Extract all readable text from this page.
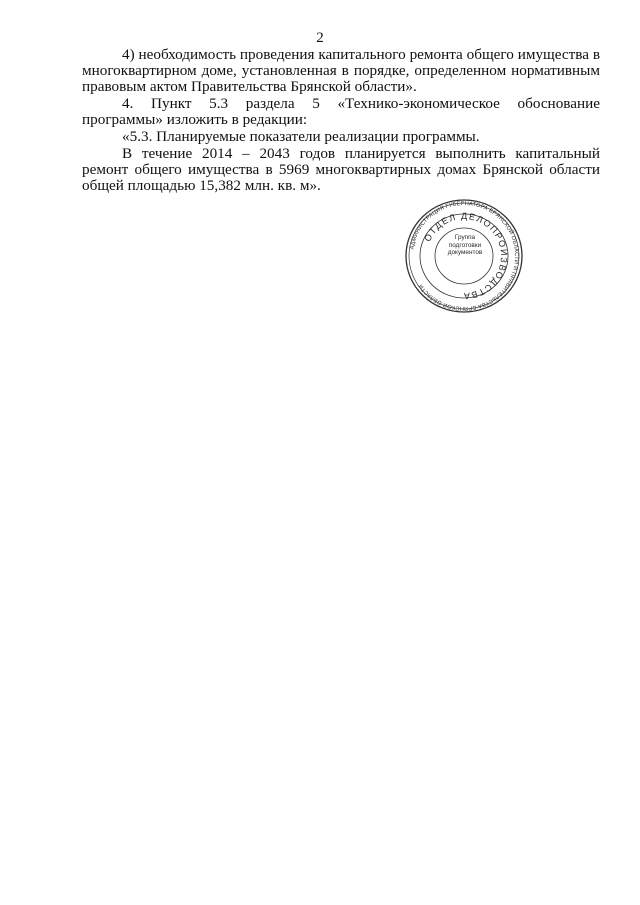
2

4) необходимость проведения капитального ремонта общего имущества в многоквартирном доме, установленная в порядке, определенном нормативным правовым актом Правительства Брянской области».

4. Пункт 5.3 раздела 5 «Технико-экономическое обоснование программы» изложить в редакции:

«5.3. Планируемые показатели реализации программы.

В течение 2014 – 2043 годов планируется выполнить капитальный ремонт общего имущества в 5969 многоквартирных домах Брянской области общей площадью 15,382 млн. кв. м».

АДМИНИСТРАЦИЯ ГУБЕРНАТОРА БРЯНСКОЙ ОБЛАСТИ И ПРАВИТЕЛЬСТВА БРЯНСКОЙ ОБЛАСТИ
ОТДЕЛ ДЕЛОПРОИЗВОДСТВА
Группа подготовки документов
